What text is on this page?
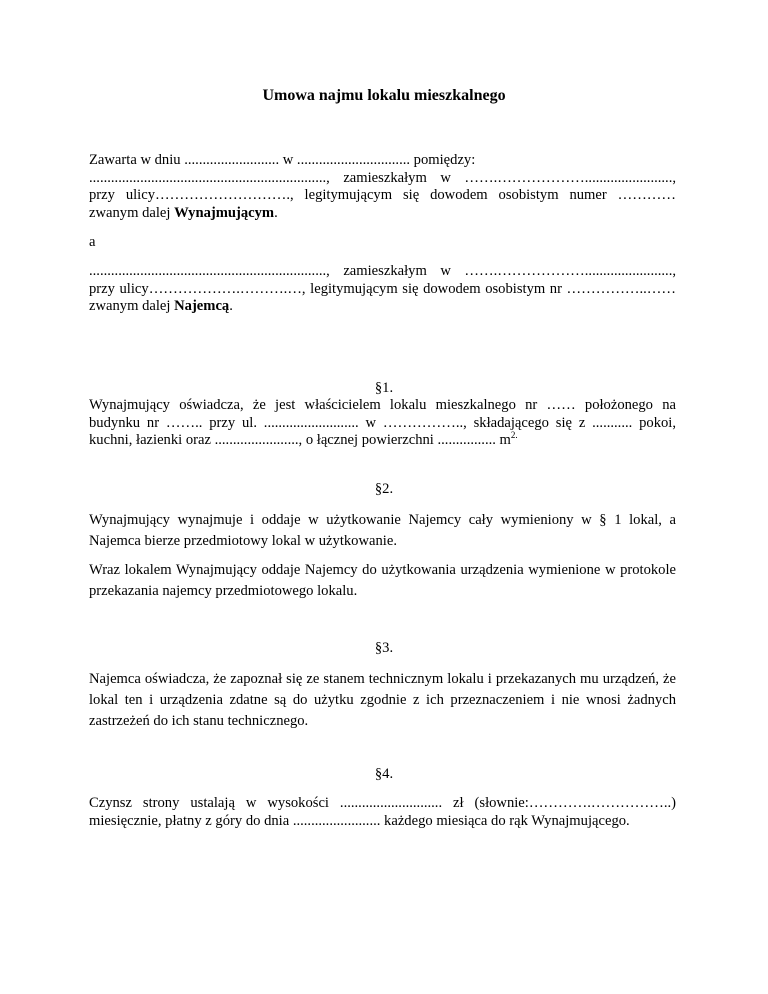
Umowa najmu lokalu mieszkalnego
Zawarta w dniu .......................... w ............................... pomiędzy:
................................................................., zamieszkałym w …….………………........................,
przy ulicy………………………., legitymującym się dowodem osobistym numer …………
zwanym dalej Wynajmującym.
a
................................................................., zamieszkałym w …….………………........................,
przy ulicy……………….……….…, legitymującym się dowodem osobistym nr ……………..……
zwanym dalej Najemcą.
§1.
Wynajmujący oświadcza, że jest właścicielem lokalu mieszkalnego nr …… położonego na
budynku nr …….. przy ul. .......................... w …………….., składającego się z ........... pokoi,
kuchni, łazienki oraz ......................., o łącznej powierzchni ................ $m^{2.}$
§2.
Wynajmujący wynajmuje i oddaje w użytkowanie Najemcy cały wymieniony w § 1 lokal, a Najemca bierze przedmiotowy lokal w użytkowanie.
Wraz lokalem Wynajmujący oddaje Najemcy do użytkowania urządzenia wymienione w protokole przekazania najemcy przedmiotowego lokalu.
§3.
Najemca oświadcza, że zapoznał się ze stanem technicznym lokalu i przekazanych mu urządzeń, że lokal ten i urządzenia zdatne są do użytku zgodnie z ich przeznaczeniem i nie wnosi żadnych zastrzeżeń do ich stanu technicznego.
§4.
Czynsz strony ustalają w wysokości ............................ zł (słownie:………….……………..)
miesięcznie, płatny z góry do dnia ........................ każdego miesiąca do rąk Wynajmującego.
